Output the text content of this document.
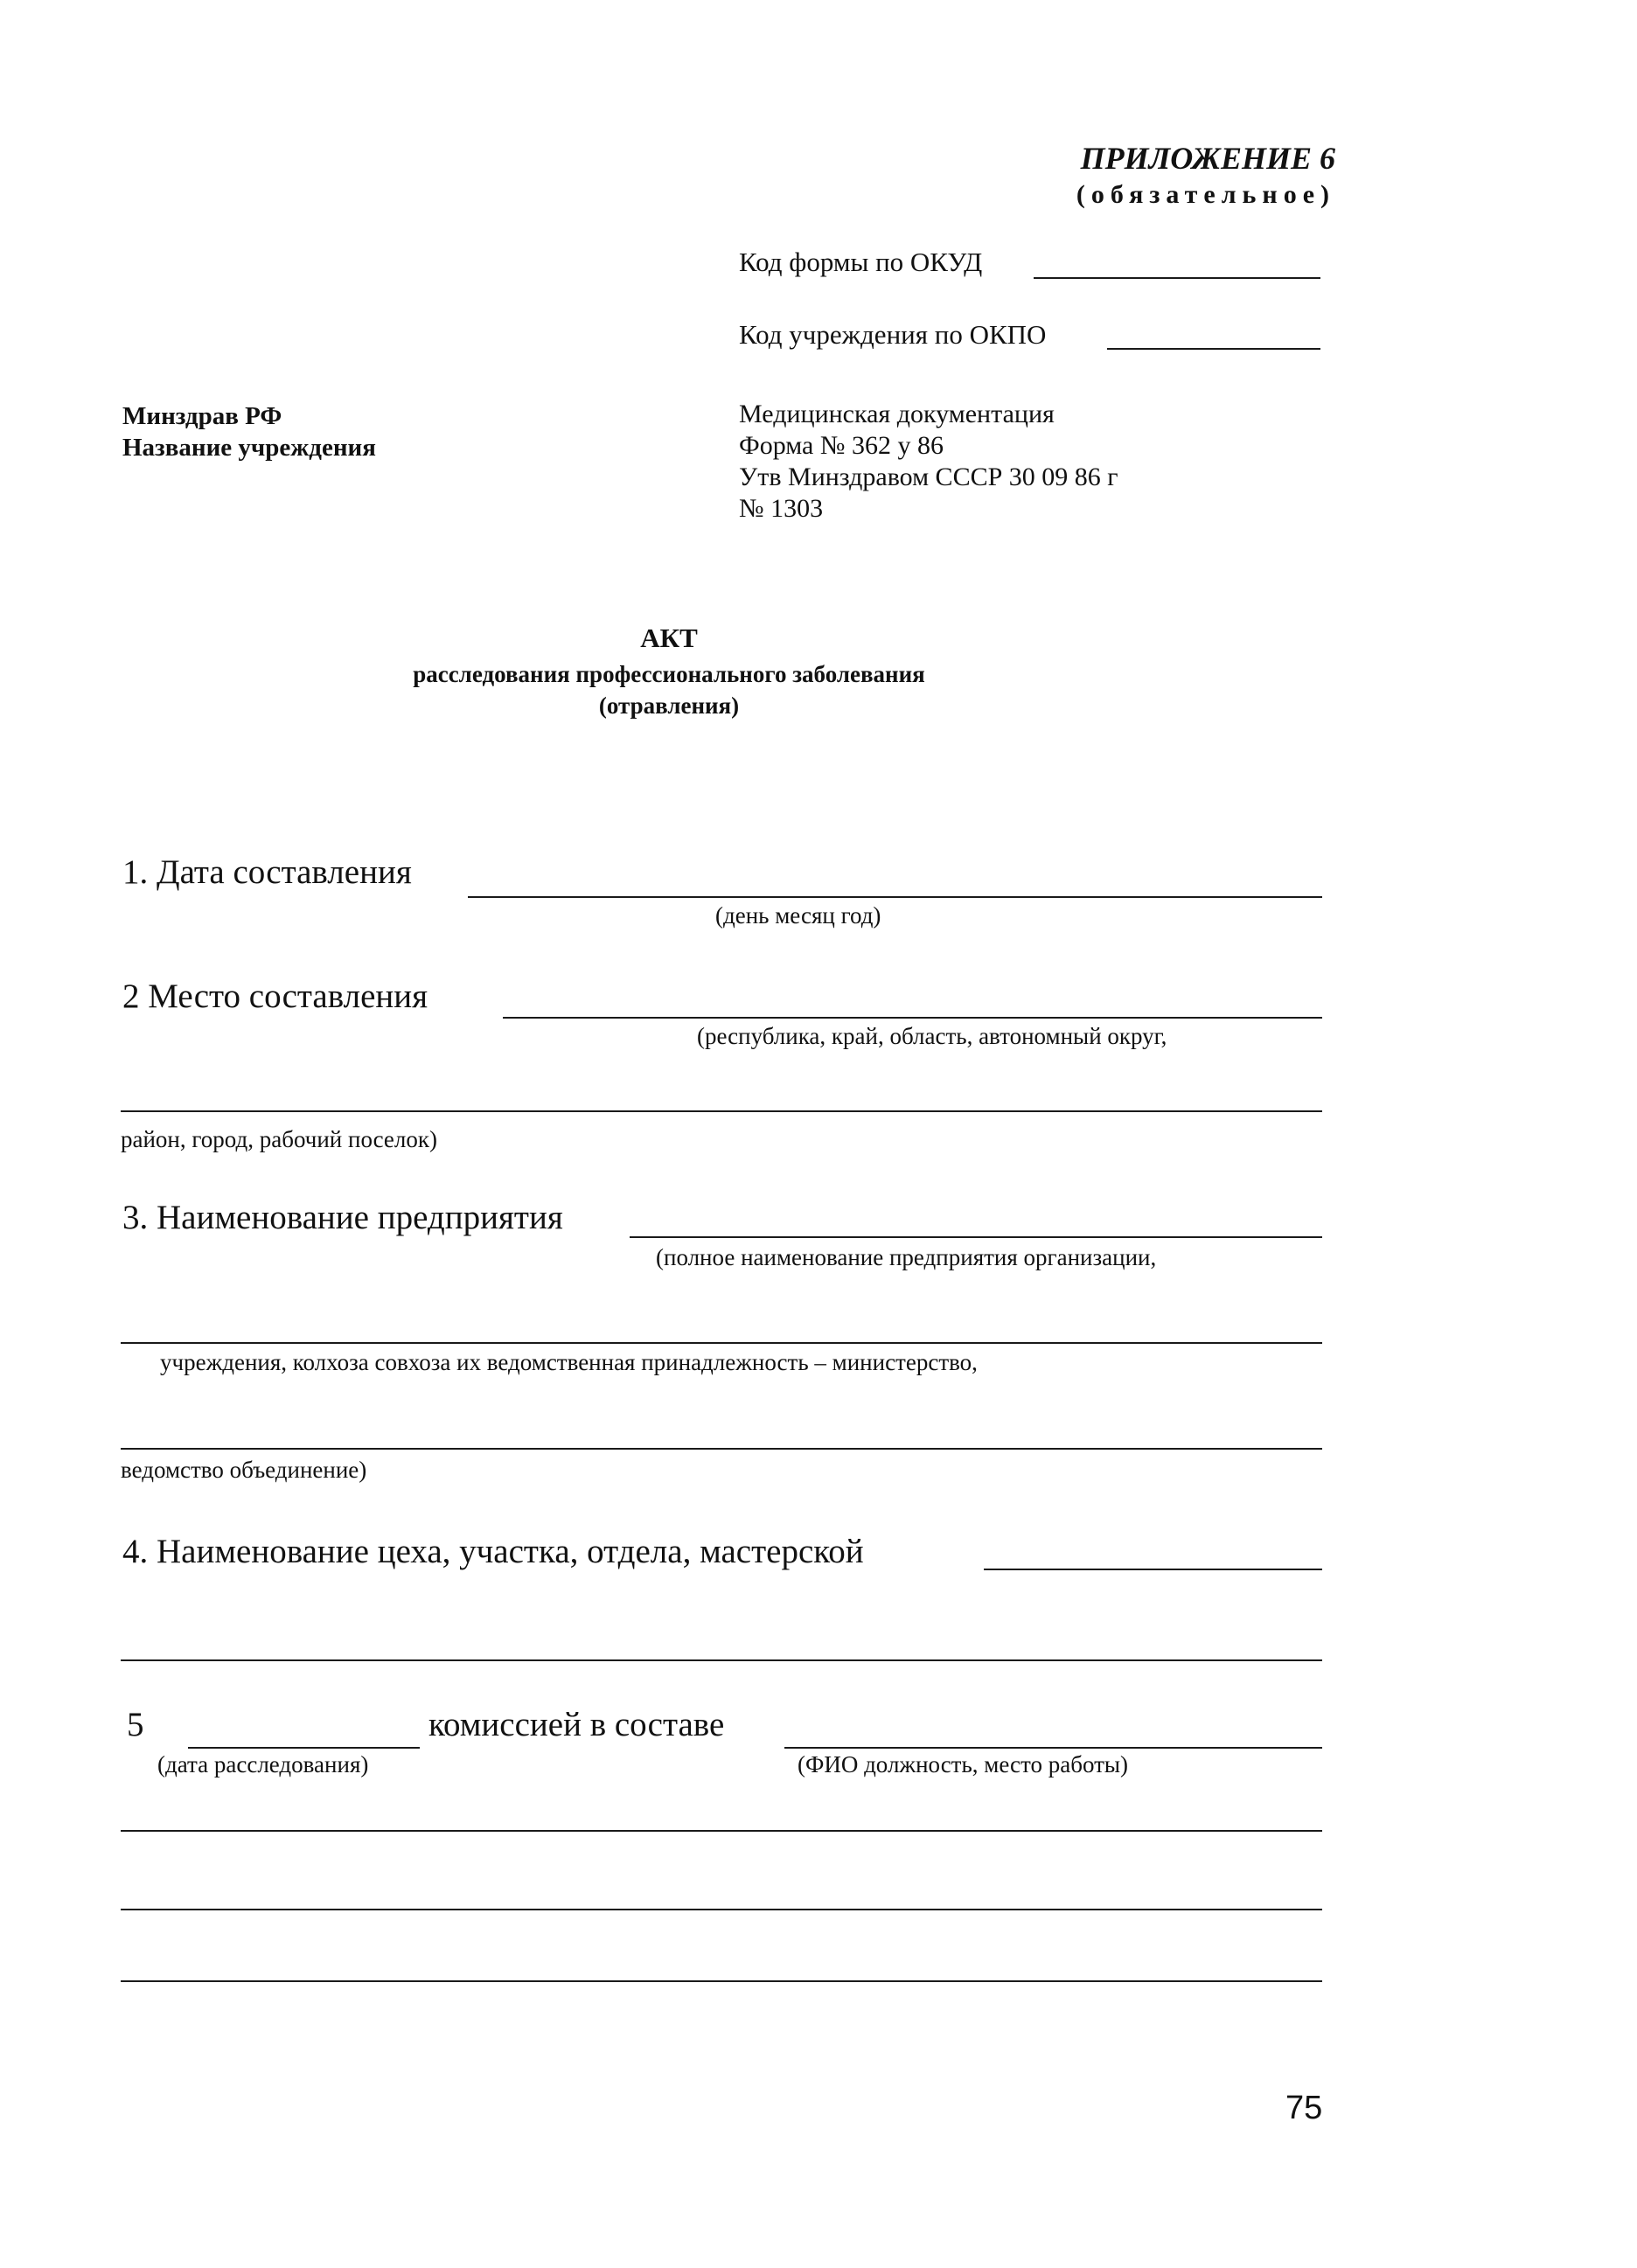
ПРИЛОЖЕНИЕ 6
(обязательное)
Код формы по ОКУД
Код учреждения по ОКПО
Минздрав РФ
Название учреждения
Медицинская документация
Форма № 362 у 86
Утв Минздравом СССР 30 09 86 г
№ 1303
АКТ
расследования профессионального заболевания
(отравления)
1. Дата составления
(день месяц год)
2 Место составления
(республика, край, область, автономный округ,
район, город, рабочий поселок)
3. Наименование предприятия
(полное наименование предприятия организации,
учреждения, колхоза совхоза их ведомственная принадлежность – министерство,
ведомство объединение)
4. Наименование цеха, участка, отдела, мастерской
5	комиссией в составе
(дата расследования)	(ФИО должность, место работы)
75
